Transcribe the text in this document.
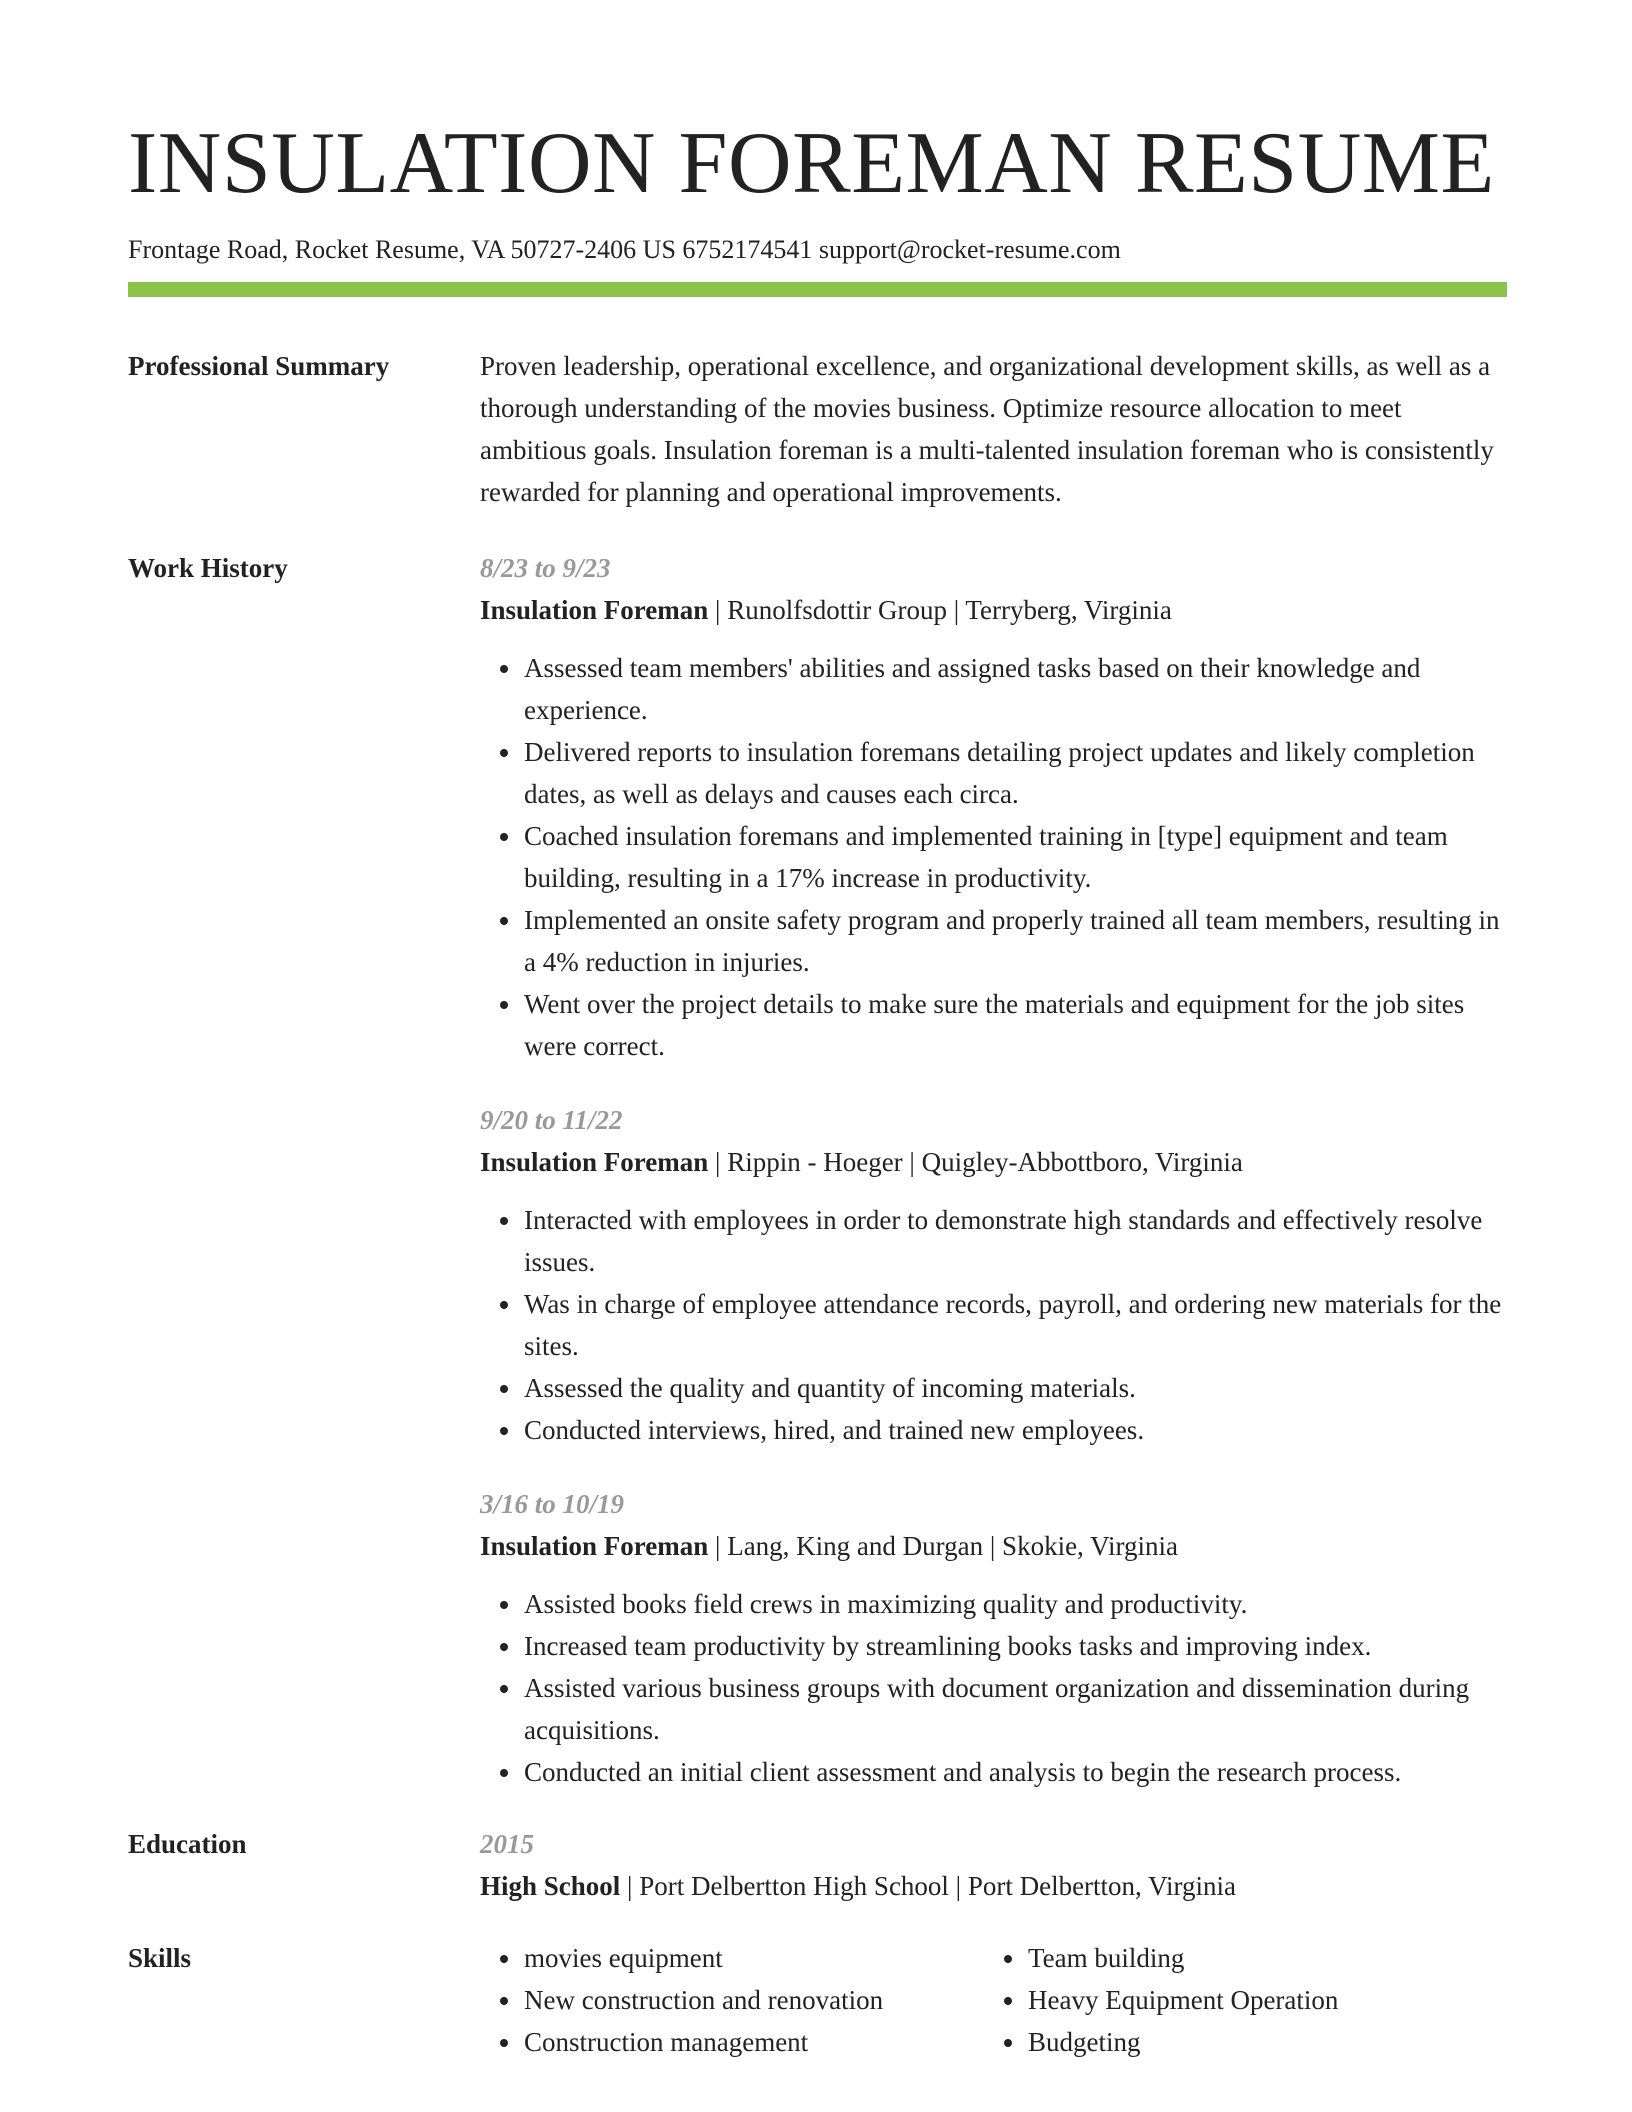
INSULATION FOREMAN RESUME
Frontage Road, Rocket Resume, VA 50727-2406 US 6752174541 support@rocket-resume.com
Professional Summary	Proven leadership, operational excellence, and organizational development skills, as well as a thorough understanding of the movies business. Optimize resource allocation to meet ambitious goals. Insulation foreman is a multi-talented insulation foreman who is consistently rewarded for planning and operational improvements.
Work History	8/23 to 9/23
Insulation Foreman | Runolfsdottir Group | Terryberg, Virginia
Assessed team members' abilities and assigned tasks based on their knowledge and experience.
Delivered reports to insulation foremans detailing project updates and likely completion dates, as well as delays and causes each circa.
Coached insulation foremans and implemented training in [type] equipment and team building, resulting in a 17% increase in productivity.
Implemented an onsite safety program and properly trained all team members, resulting in a 4% reduction in injuries.
Went over the project details to make sure the materials and equipment for the job sites were correct.
9/20 to 11/22
Insulation Foreman | Rippin - Hoeger | Quigley-Abbottboro, Virginia
Interacted with employees in order to demonstrate high standards and effectively resolve issues.
Was in charge of employee attendance records, payroll, and ordering new materials for the sites.
Assessed the quality and quantity of incoming materials.
Conducted interviews, hired, and trained new employees.
3/16 to 10/19
Insulation Foreman | Lang, King and Durgan | Skokie, Virginia
Assisted books field crews in maximizing quality and productivity.
Increased team productivity by streamlining books tasks and improving index.
Assisted various business groups with document organization and dissemination during acquisitions.
Conducted an initial client assessment and analysis to begin the research process.
Education	2015
High School | Port Delbertton High School | Port Delbertton, Virginia
Skills	movies equipment
New construction and renovation
Construction management
Team building
Heavy Equipment Operation
Budgeting
